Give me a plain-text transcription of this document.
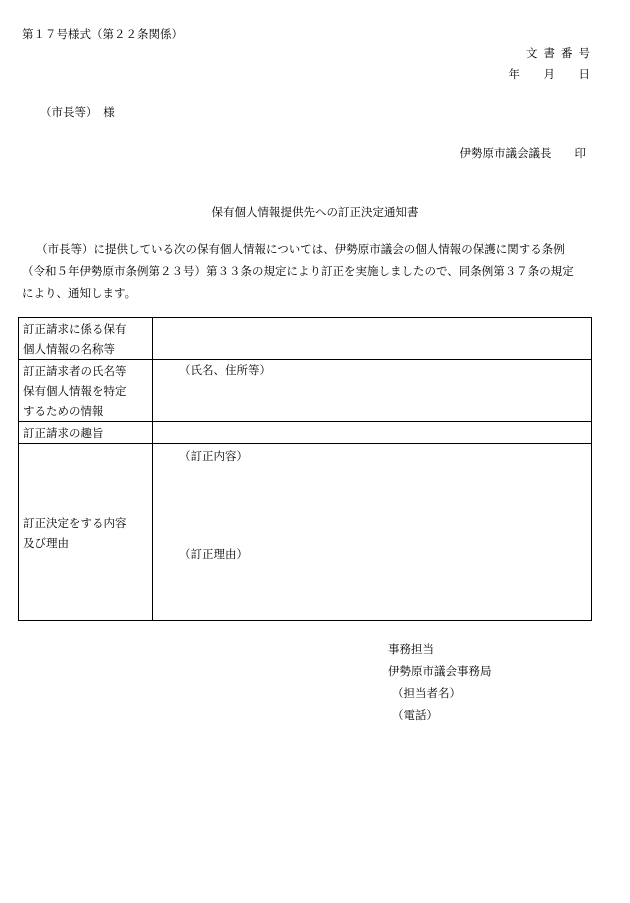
第１７号様式（第２２条関係）
文書番号
年　月　日
（市長等）　様
伊勢原市議会議長　　印
保有個人情報提供先への訂正決定通知書

（市長等）に提供している次の保有個人情報については、伊勢原市議会の個人情報の保護に関する条例

（令和５年伊勢原市条例第２３号）第３３条の規定により訂正を実施しましたので、同条例第３７条の規定

により、通知します。

訂正請求に係る保有
個人情報の名称等	

訂正請求者の氏名等
保有個人情報を特定
するための情報	（氏名、住所等）

訂正請求の趣旨	

訂正決定をする内容
及び理由	（訂正内容）
（訂正理由）
事務担当
伊勢原市議会事務局
（担当者名）
（電話）
